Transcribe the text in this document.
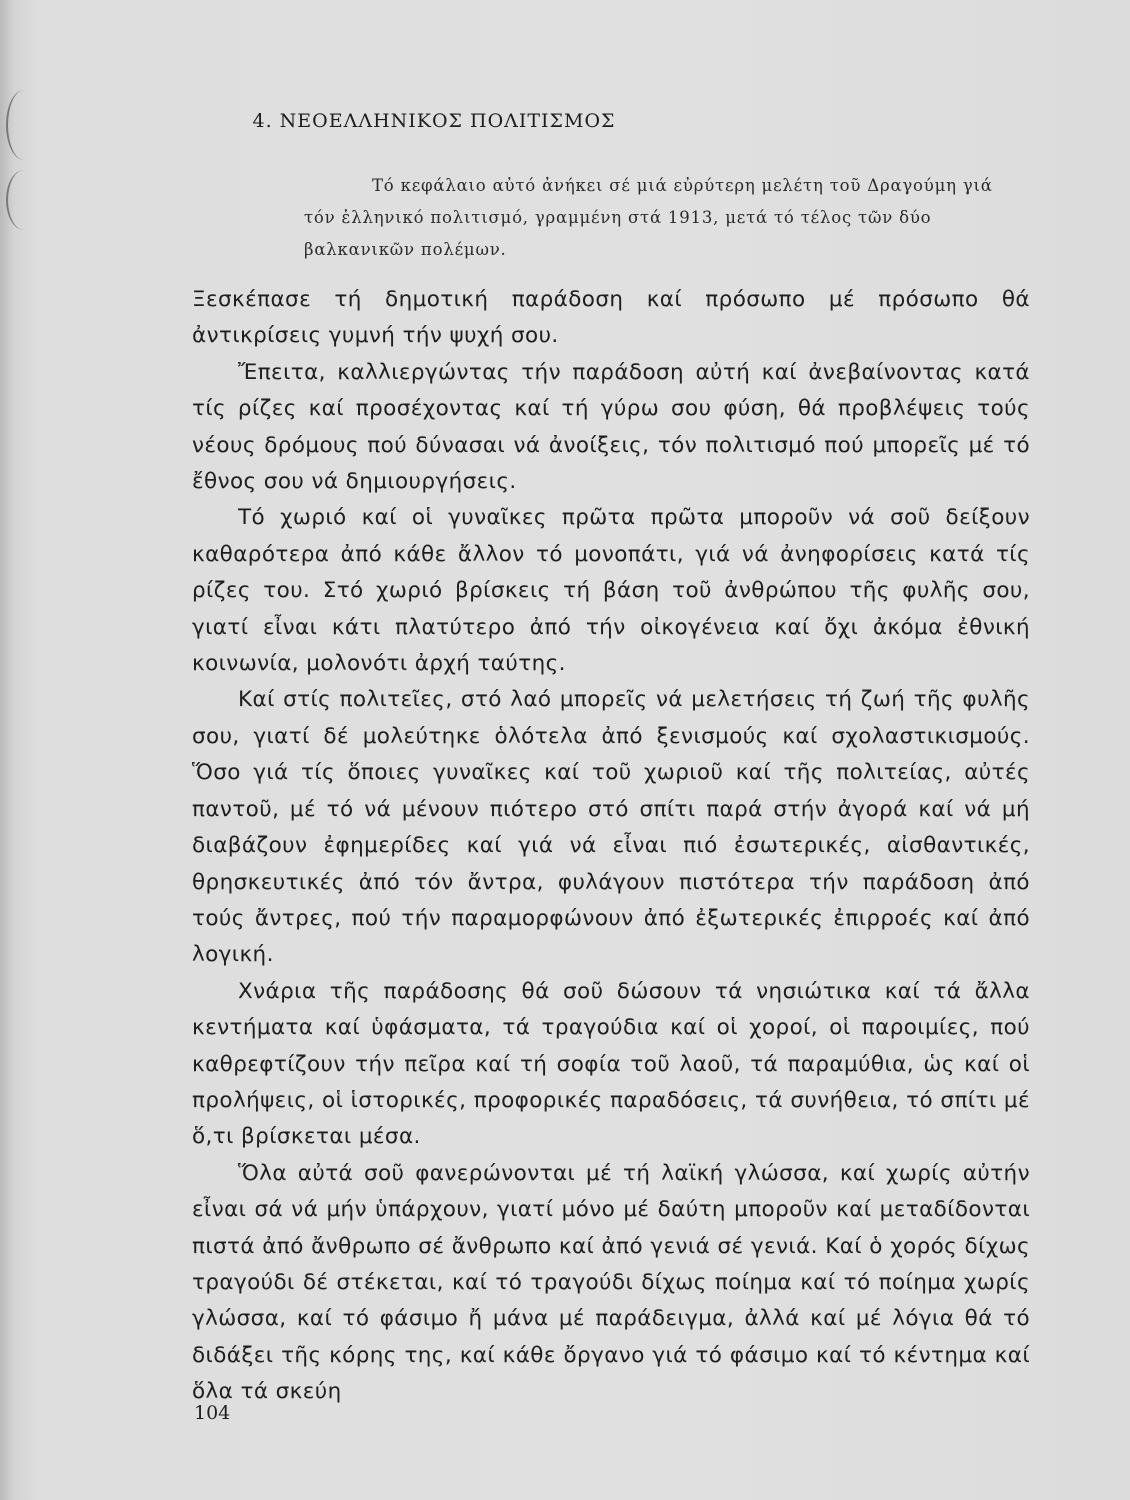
4. ΝΕΟΕΛΛΗΝΙΚΟΣ ΠΟΛΙΤΙΣΜΟΣ

Τό κεφάλαιο αὐτό ἀνήκει σέ μιά εὐρύτερη μελέτη τοῦ Δραγούμη γιά τόν ἑλληνικό πολιτισμό, γραμμένη στά 1913, μετά τό τέλος τῶν δύο βαλκανικῶν πολέμων.

Ξεσκέπασε τή δημοτική παράδοση καί πρόσωπο μέ πρόσωπο θά ἀντικρίσεις γυμνή τήν ψυχή σου.

Ἔπειτα, καλλιεργώντας τήν παράδοση αὐτή καί ἀνεβαίνοντας κατά τίς ρίζες καί προσέχοντας καί τή γύρω σου φύση, θά προβλέψεις τούς νέους δρόμους πού δύνασαι νά ἀνοίξεις, τόν πολιτισμό πού μπορεῖς μέ τό ἔθνος σου νά δημιουργήσεις.

Τό χωριό καί οἱ γυναῖκες πρῶτα πρῶτα μποροῦν νά σοῦ δείξουν καθαρότερα ἀπό κάθε ἄλλον τό μονοπάτι, γιά νά ἀνηφορίσεις κατά τίς ρίζες του. Στό χωριό βρίσκεις τή βάση τοῦ ἀνθρώπου τῆς φυλῆς σου, γιατί εἶναι κάτι πλατύτερο ἀπό τήν οἰκογένεια καί ὄχι ἀκόμα ἐθνική κοινωνία, μολονότι ἀρχή ταύτης.

Καί στίς πολιτεῖες, στό λαό μπορεῖς νά μελετήσεις τή ζωή τῆς φυλῆς σου, γιατί δέ μολεύτηκε ὁλότελα ἀπό ξενισμούς καί σχολαστικισμούς. Ὅσο γιά τίς ὅποιες γυναῖκες καί τοῦ χωριοῦ καί τῆς πολιτείας, αὐτές παντοῦ, μέ τό νά μένουν πιότερο στό σπίτι παρά στήν ἀγορά καί νά μή διαβάζουν ἐφημερίδες καί γιά νά εἶναι πιό ἐσωτερικές, αἰσθαντικές, θρησκευτικές ἀπό τόν ἄντρα, φυλάγουν πιστότερα τήν παράδοση ἀπό τούς ἄντρες, πού τήν παραμορφώνουν ἀπό ἐξωτερικές ἐπιρροές καί ἀπό λογική.

Χνάρια τῆς παράδοσης θά σοῦ δώσουν τά νησιώτικα καί τά ἄλλα κεντήματα καί ὑφάσματα, τά τραγούδια καί οἱ χοροί, οἱ παροιμίες, πού καθρεφτίζουν τήν πεῖρα καί τή σοφία τοῦ λαοῦ, τά παραμύθια, ὡς καί οἱ προλήψεις, οἱ ἱστορικές, προφορικές παραδόσεις, τά συνήθεια, τό σπίτι μέ ὅ,τι βρίσκεται μέσα.

Ὅλα αὐτά σοῦ φανερώνονται μέ τή λαϊκή γλώσσα, καί χωρίς αὐτήν εἶναι σά νά μήν ὑπάρχουν, γιατί μόνο μέ δαύτη μποροῦν καί μεταδίδονται πιστά ἀπό ἄνθρωπο σέ ἄνθρωπο καί ἀπό γενιά σέ γενιά. Καί ὁ χορός δίχως τραγούδι δέ στέκεται, καί τό τραγούδι δίχως ποίημα καί τό ποίημα χωρίς γλώσσα, καί τό φάσιμο ἤ μάνα μέ παράδειγμα, ἀλλά καί μέ λόγια θά τό διδάξει τῆς κόρης της, καί κάθε ὄργανο γιά τό φάσιμο καί τό κέντημα καί ὅλα τά σκεύη

104
